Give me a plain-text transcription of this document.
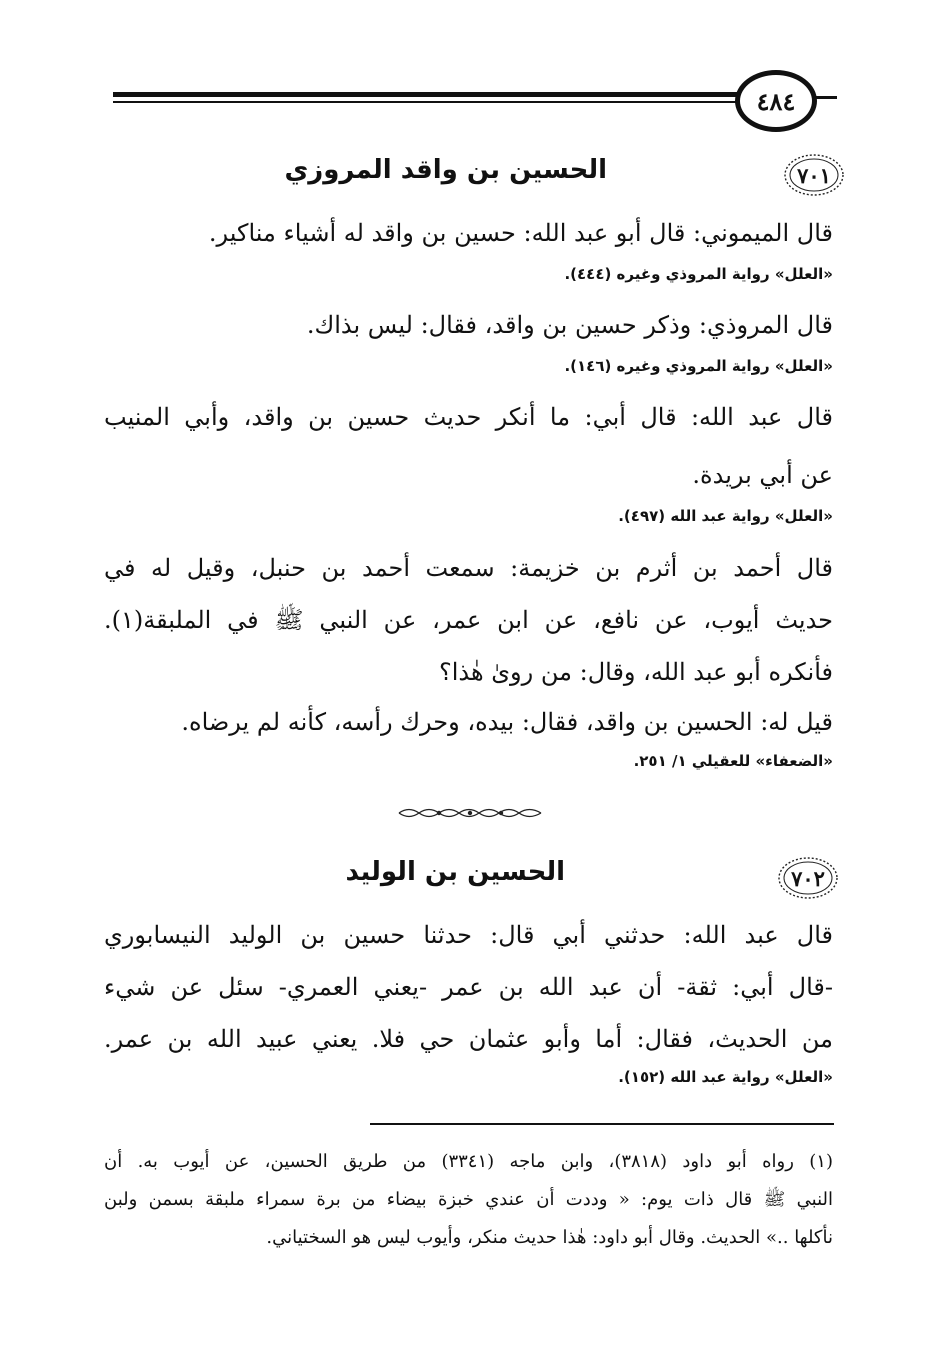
٤٨٤
٧٠١
الحسين بن واقد المروزي
قال الميموني: قال أبو عبد الله: حسين بن واقد له أشياء مناكير.
«العلل» رواية المروذي وغيره (٤٤٤).
قال المروذي: وذكر حسين بن واقد، فقال: ليس بذاك.
«العلل» رواية المروذي وغيره (١٤٦).
قال عبد الله: قال أبي: ما أنكر حديث حسين بن واقد، وأبي المنيب
عن أبي بريدة.
«العلل» رواية عبد الله (٤٩٧).
قال أحمد بن أثرم بن خزيمة: سمعت أحمد بن حنبل، وقيل له في
حديث أيوب، عن نافع، عن ابن عمر، عن النبي ﷺ في الملبقة(١).
فأنكره أبو عبد الله، وقال: من روىٰ هٰذا؟
قيل له: الحسين بن واقد، فقال: بيده، وحرك رأسه، كأنه لم يرضاه.
«الضعفاء» للعقيلي ١/ ٢٥١.
٧٠٢
الحسين بن الوليد
قال عبد الله: حدثني أبي قال: حدثنا حسين بن الوليد النيسابوري
-قال أبي: ثقة- أن عبد الله بن عمر -يعني العمري- سئل عن شيء
من الحديث، فقال: أما وأبو عثمان حي فلا. يعني عبيد الله بن عمر.
«العلل» رواية عبد الله (١٥٢).
(١) رواه أبو داود (٣٨١٨)، وابن ماجه (٣٣٤١) من طريق الحسين، عن أيوب به. أن
النبي ﷺ قال ذات يوم: « وددت أن عندي خبزة بيضاء من برة سمراء ملبقة بسمن ولبن
نأكلها ..» الحديث. وقال أبو داود: هٰذا حديث منكر، وأيوب ليس هو السختياني.
